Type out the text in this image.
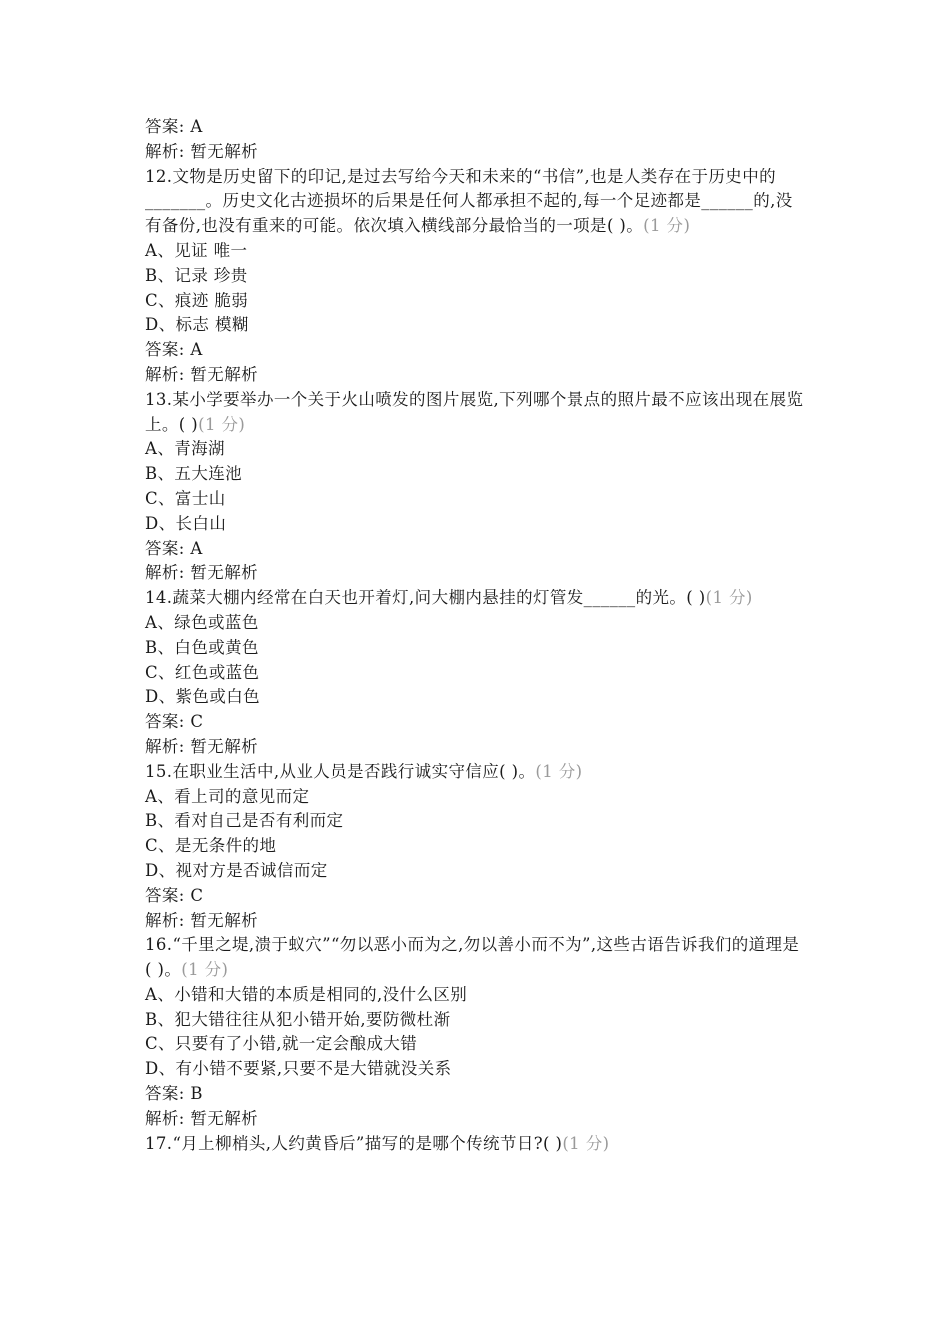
答案: A
解析: 暂无解析
12.文物是历史留下的印记,是过去写给今天和未来的“书信”,也是人类存在于历史中的_______。历史文化古迹损坏的后果是任何人都承担不起的,每一个足迹都是______的,没有备份,也没有重来的可能。依次填入横线部分最恰当的一项是( )。(1 分)
A、见证 唯一
B、记录 珍贵
C、痕迹 脆弱
D、标志 模糊
答案: A
解析: 暂无解析
13.某小学要举办一个关于火山喷发的图片展览,下列哪个景点的照片最不应该出现在展览上。( )(1 分)
A、青海湖
B、五大连池
C、富士山
D、长白山
答案: A
解析: 暂无解析
14.蔬菜大棚内经常在白天也开着灯,问大棚内悬挂的灯管发______的光。( )(1 分)
A、绿色或蓝色
B、白色或黄色
C、红色或蓝色
D、紫色或白色
答案: C
解析: 暂无解析
15.在职业生活中,从业人员是否践行诚实守信应( )。(1 分)
A、看上司的意见而定
B、看对自己是否有利而定
C、是无条件的地
D、视对方是否诚信而定
答案: C
解析: 暂无解析
16.“千里之堤,溃于蚁穴”“勿以恶小而为之,勿以善小而不为”,这些古语告诉我们的道理是( )。(1 分)
A、小错和大错的本质是相同的,没什么区别
B、犯大错往往从犯小错开始,要防微杜渐
C、只要有了小错,就一定会酿成大错
D、有小错不要紧,只要不是大错就没关系
答案: B
解析: 暂无解析
17.“月上柳梢头,人约黄昏后”描写的是哪个传统节日?( )(1 分)
